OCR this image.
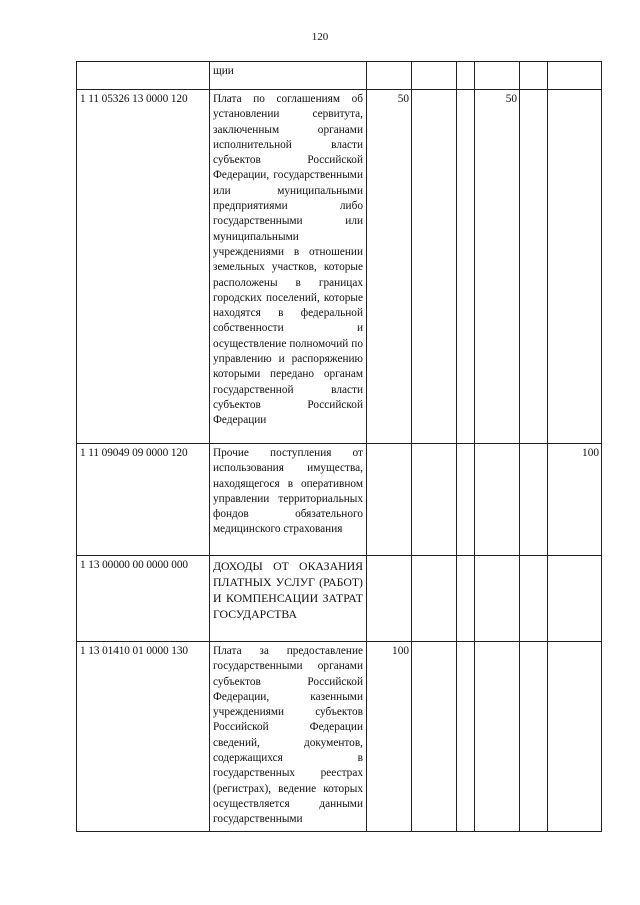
120
	щии						
1 11 05326 13 0000 120	Плата по соглашениям об установлении сервитута, заключенным органами исполнительной власти субъектов Российской Федерации, государственными или муниципальными предприятиями либо государственными или муниципальными учреждениями в отношении земельных участков, которые расположены в границах городских поселений, которые находятся в федеральной собственности и осуществление полномочий по управлению и распоряжению которыми передано органам государственной власти субъектов Российской Федерации	50			50		
1 11 09049 09 0000 120	Прочие поступления от использования имущества, находящегося в оперативном управлении территориальных фондов обязательного медицинского страхования						100
1 13 00000 00 0000 000	ДОХОДЫ ОТ ОКАЗАНИЯ ПЛАТНЫХ УСЛУГ (РАБОТ) И КОМПЕНСАЦИИ ЗАТРАТ ГОСУДАРСТВА						
1 13 01410 01 0000 130	Плата за предоставление государственными органами субъектов Российской Федерации, казенными учреждениями субъектов Российской Федерации сведений, документов, содержащихся в государственных реестрах (регистрах), ведение которых осуществляется данными государственными	100					
